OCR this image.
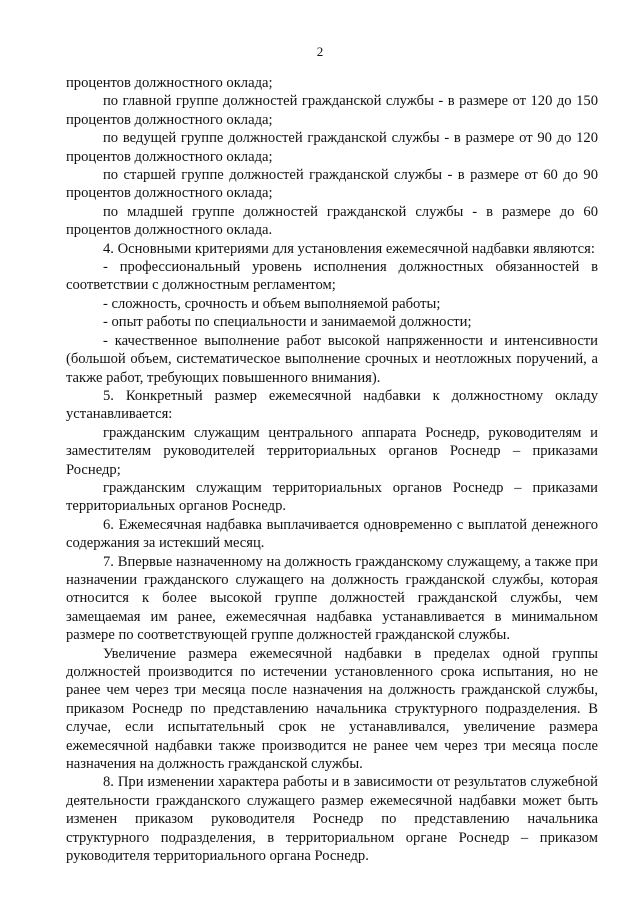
2

процентов должностного оклада;

по главной группе должностей гражданской службы - в размере от 120 до 150 процентов должностного оклада;

по ведущей группе должностей гражданской службы - в размере от 90 до 120 процентов должностного оклада;

по старшей группе должностей гражданской службы - в размере от 60 до 90 процентов должностного оклада;

по младшей группе должностей гражданской службы - в размере до 60 процентов должностного оклада.

4. Основными критериями для установления ежемесячной надбавки являются:

- профессиональный уровень исполнения должностных обязанностей в соответствии с должностным регламентом;

- сложность, срочность и объем выполняемой работы;

- опыт работы по специальности и занимаемой должности;

- качественное выполнение работ высокой напряженности и интенсивности (большой объем, систематическое выполнение срочных и неотложных поручений, а также работ, требующих повышенного внимания).

5. Конкретный размер ежемесячной надбавки к должностному окладу устанавливается:

гражданским служащим центрального аппарата Роснедр, руководителям и заместителям руководителей территориальных органов Роснедр – приказами Роснедр;

гражданским служащим территориальных органов Роснедр – приказами территориальных органов Роснедр.

6. Ежемесячная надбавка выплачивается одновременно с выплатой денежного содержания за истекший месяц.

7. Впервые назначенному на должность гражданскому служащему, а также при назначении гражданского служащего на должность гражданской службы, которая относится к более высокой группе должностей гражданской службы, чем замещаемая им ранее, ежемесячная надбавка устанавливается в минимальном размере по соответствующей группе должностей гражданской службы.

Увеличение размера ежемесячной надбавки в пределах одной группы должностей производится по истечении установленного срока испытания, но не ранее чем через три месяца после назначения на должность гражданской службы, приказом Роснедр по представлению начальника структурного подразделения. В случае, если испытательный срок не устанавливался, увеличение размера ежемесячной надбавки также производится не ранее чем через три месяца после назначения на должность гражданской службы.

8. При изменении характера работы и в зависимости от результатов служебной деятельности гражданского служащего размер ежемесячной надбавки может быть изменен приказом руководителя Роснедр по представлению начальника структурного подразделения, в территориальном органе Роснедр – приказом руководителя территориального органа Роснедр.
